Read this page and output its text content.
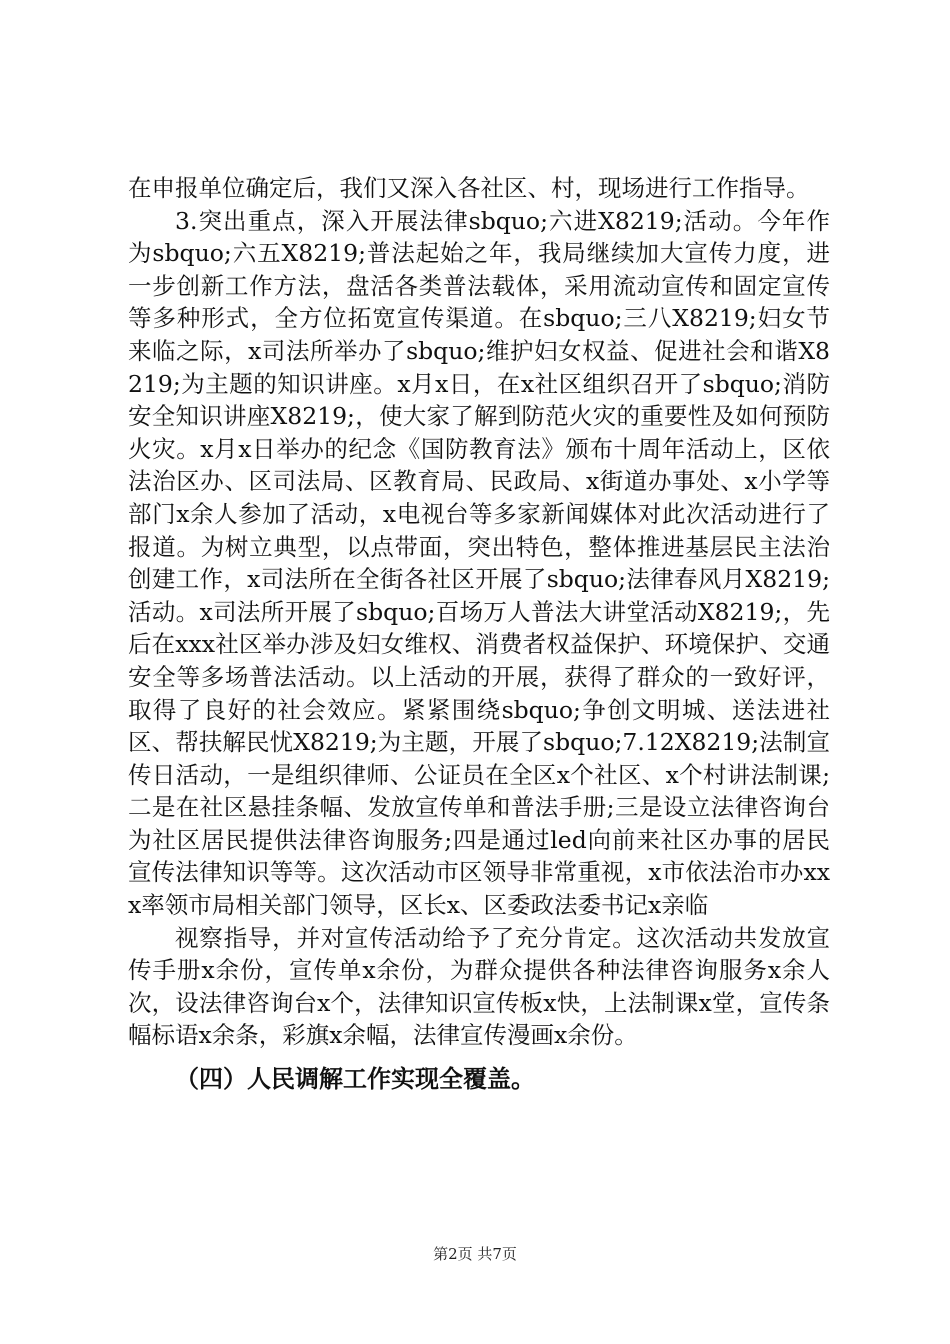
在申报单位确定后，我们又深入各社区、村，现场进行工作指导。

3.突出重点，深入开展法律sbquo;六进X8219;活动。今年作为sbquo;六五X8219;普法起始之年，我局继续加大宣传力度，进一步创新工作方法，盘活各类普法载体，采用流动宣传和固定宣传等多种形式，全方位拓宽宣传渠道。在sbquo;三八X8219;妇女节来临之际，x司法所举办了sbquo;维护妇女权益、促进社会和谐X8219;为主题的知识讲座。x月x日，在x社区组织召开了sbquo;消防安全知识讲座X8219;，使大家了解到防范火灾的重要性及如何预防火灾。x月x日举办的纪念《国防教育法》颁布十周年活动上，区依法治区办、区司法局、区教育局、民政局、x街道办事处、x小学等部门x余人参加了活动，x电视台等多家新闻媒体对此次活动进行了报道。为树立典型，以点带面，突出特色，整体推进基层民主法治创建工作，x司法所在全街各社区开展了sbquo;法律春风月X8219;活动。x司法所开展了sbquo;百场万人普法大讲堂活动X8219;，先后在xxx社区举办涉及妇女维权、消费者权益保护、环境保护、交通安全等多场普法活动。以上活动的开展，获得了群众的一致好评，取得了良好的社会效应。紧紧围绕sbquo;争创文明城、送法进社区、帮扶解民忧X8219;为主题，开展了sbquo;7.12X8219;法制宣传日活动，一是组织律师、公证员在全区x个社区、x个村讲法制课;二是在社区悬挂条幅、发放宣传单和普法手册;三是设立法律咨询台为社区居民提供法律咨询服务;四是通过led向前来社区办事的居民宣传法律知识等等。这次活动市区领导非常重视，x市依法治市办xxx率领市局相关部门领导，区长x、区委政法委书记x亲临

视察指导，并对宣传活动给予了充分肯定。这次活动共发放宣传手册x余份，宣传单x余份，为群众提供各种法律咨询服务x余人次，设法律咨询台x个，法律知识宣传板x快，上法制课x堂，宣传条幅标语x余条，彩旗x余幅，法律宣传漫画x余份。

（四）人民调解工作实现全覆盖。

第2页 共7页
